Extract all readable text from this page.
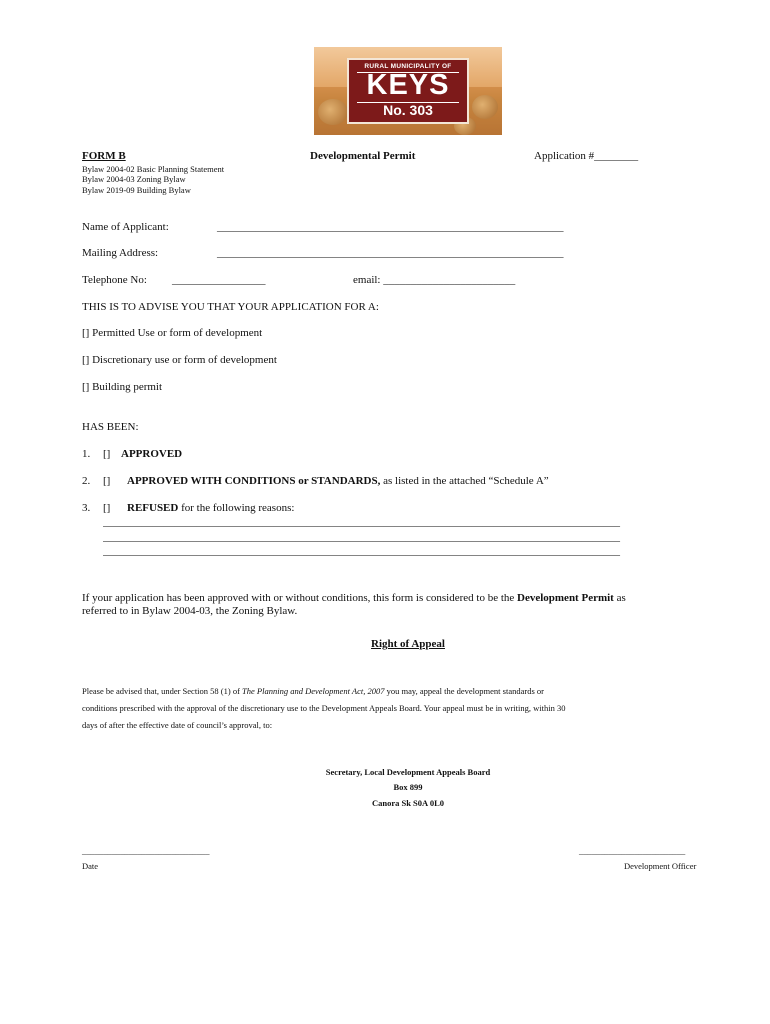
RURAL MUNICIPALITY OF
KEYS
No. 303
FORM B	Developmental Permit	Application #________
Bylaw 2004-02 Basic Planning Statement
Bylaw 2004-03 Zoning Bylaw
Bylaw 2019-09 Building Bylaw
Name of Applicant:	_______________________________________________________________
Mailing Address:	_______________________________________________________________
Telephone No: _________________	email: ________________________
THIS IS TO ADVISE YOU THAT YOUR APPLICATION FOR A:
[] Permitted Use or form of development
[] Discretionary use or form of development
[] Building permit
HAS BEEN:
1. [] APPROVED
2. [] APPROVED WITH CONDITIONS or STANDARDS, as listed in the attached “Schedule A”
3. [] REFUSED for the following reasons:
______________________________________________________________________________________________
______________________________________________________________________________________________
______________________________________________________________________________________________
If your application has been approved with or without conditions, this form is considered to be the Development Permit as
referred to in Bylaw 2004-03, the Zoning Bylaw.
Right of Appeal
Please be advised that, under Section 58 (1) of The Planning and Development Act, 2007 you may, appeal the development standards or
conditions prescribed with the approval of the discretionary use to the Development Appeals Board. Your appeal must be in writing, within 30
days of after the effective date of council’s approval, to:
Secretary, Local Development Appeals Board
Box 899
Canora Sk S0A 0L0
______________________________
Date
_________________________
Development Officer
